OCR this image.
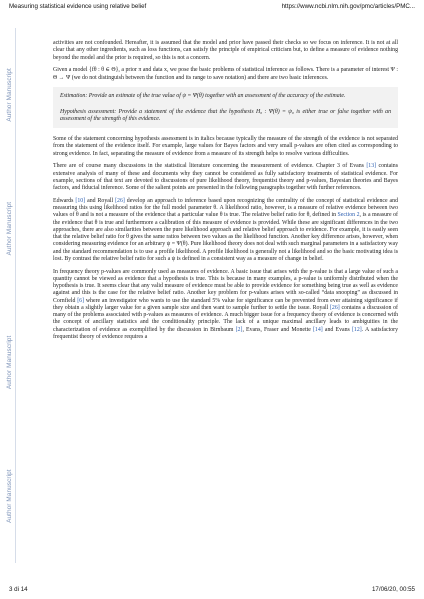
Measuring statistical evidence using relative belief	https://www.ncbi.nlm.nih.gov/pmc/articles/PMC...
Author Manuscript
Author Manuscript
Author Manuscript
Author Manuscript

activities are not confounded. Hereafter, it is assumed that the model and prior have passed their checks so we focus on inference. It is not at all clear that any other ingredients, such as loss functions, can satisfy the principle of empirical criticism but, to define a measure of evidence nothing beyond the model and the prior is required, so this is not a concern.

Given a model {fθ : θ ∈ Θ}, a prior π and data x, we pose the basic problems of statistical inference as follows. There is a parameter of interest Ψ : Θ → Ψ (we do not distinguish between the function and its range to save notation) and there are two basic inferences.

Estimation: Provide an estimate of the true value of ψ = Ψ(θ) together with an assessment of the accuracy of the estimate.

Hypothesis assessment: Provide a statement of the evidence that the hypothesis H₀ : Ψ(θ) = ψ₀ is either true or false together with an assessment of the strength of this evidence.

Some of the statement concerning hypothesis assessment is in italics because typically the measure of the strength of the evidence is not separated from the statement of the evidence itself. For example, large values for Bayes factors and very small p-values are often cited as corresponding to strong evidence. In fact, separating the measure of evidence from a measure of its strength helps to resolve various difficulties.

There are of course many discussions in the statistical literature concerning the measurement of evidence. Chapter 3 of Evans [13] contains extensive analysis of many of these and documents why they cannot be considered as fully satisfactory treatments of statistical evidence. For example, sections of that text are devoted to discussions of pure likelihood theory, frequentist theory and p-values, Bayesian theories and Bayes factors, and fiducial inference. Some of the salient points are presented in the following paragraphs together with further references.

Edwards [10] and Royall [26] develop an approach to inference based upon recognizing the centrality of the concept of statistical evidence and measuring this using likelihood ratios for the full model parameter θ. A likelihood ratio, however, is a measure of relative evidence between two values of θ and is not a measure of the evidence that a particular value θ is true. The relative belief ratio for θ, defined in Section 2, is a measure of the evidence that θ is true and furthermore a calibration of this measure of evidence is provided. While these are significant differences in the two approaches, there are also similarities between the pure likelihood approach and relative belief approach to evidence. For example, it is easily seen that the relative belief ratio for θ gives the same ratios between two values as the likelihood function. Another key difference arises, however, when considering measuring evidence for an arbitrary ψ = Ψ(θ). Pure likelihood theory does not deal with such marginal parameters in a satisfactory way and the standard recommendation is to use a profile likelihood. A profile likelihood is generally not a likelihood and so the basic motivating idea is lost. By contrast the relative belief ratio for such a ψ is defined in a consistent way as a measure of change in belief.

In frequency theory p-values are commonly used as measures of evidence. A basic issue that arises with the p-value is that a large value of such a quantity cannot be viewed as evidence that a hypothesis is true. This is because in many examples, a p-value is uniformly distributed when the hypothesis is true. It seems clear that any valid measure of evidence must be able to provide evidence for something being true as well as evidence against and this is the case for the relative belief ratio. Another key problem for p-values arises with so-called “data snooping” as discussed in Cornfield [6] where an investigator who wants to use the standard 5% value for significance can be prevented from ever attaining significance if they obtain a slightly larger value for a given sample size and then want to sample further to settle the issue. Royall [26] contains a discussion of many of the problems associated with p-values as measures of evidence. A much bigger issue for a frequency theory of evidence is concerned with the concept of ancillary statistics and the conditionality principle. The lack of a unique maximal ancillary leads to ambiguities in the characterization of evidence as exemplified by the discussion in Birnbaum [2], Evans, Fraser and Monette [14] and Evans [12]. A satisfactory frequentist theory of evidence requires a

3 di 14	17/06/20, 00:55
